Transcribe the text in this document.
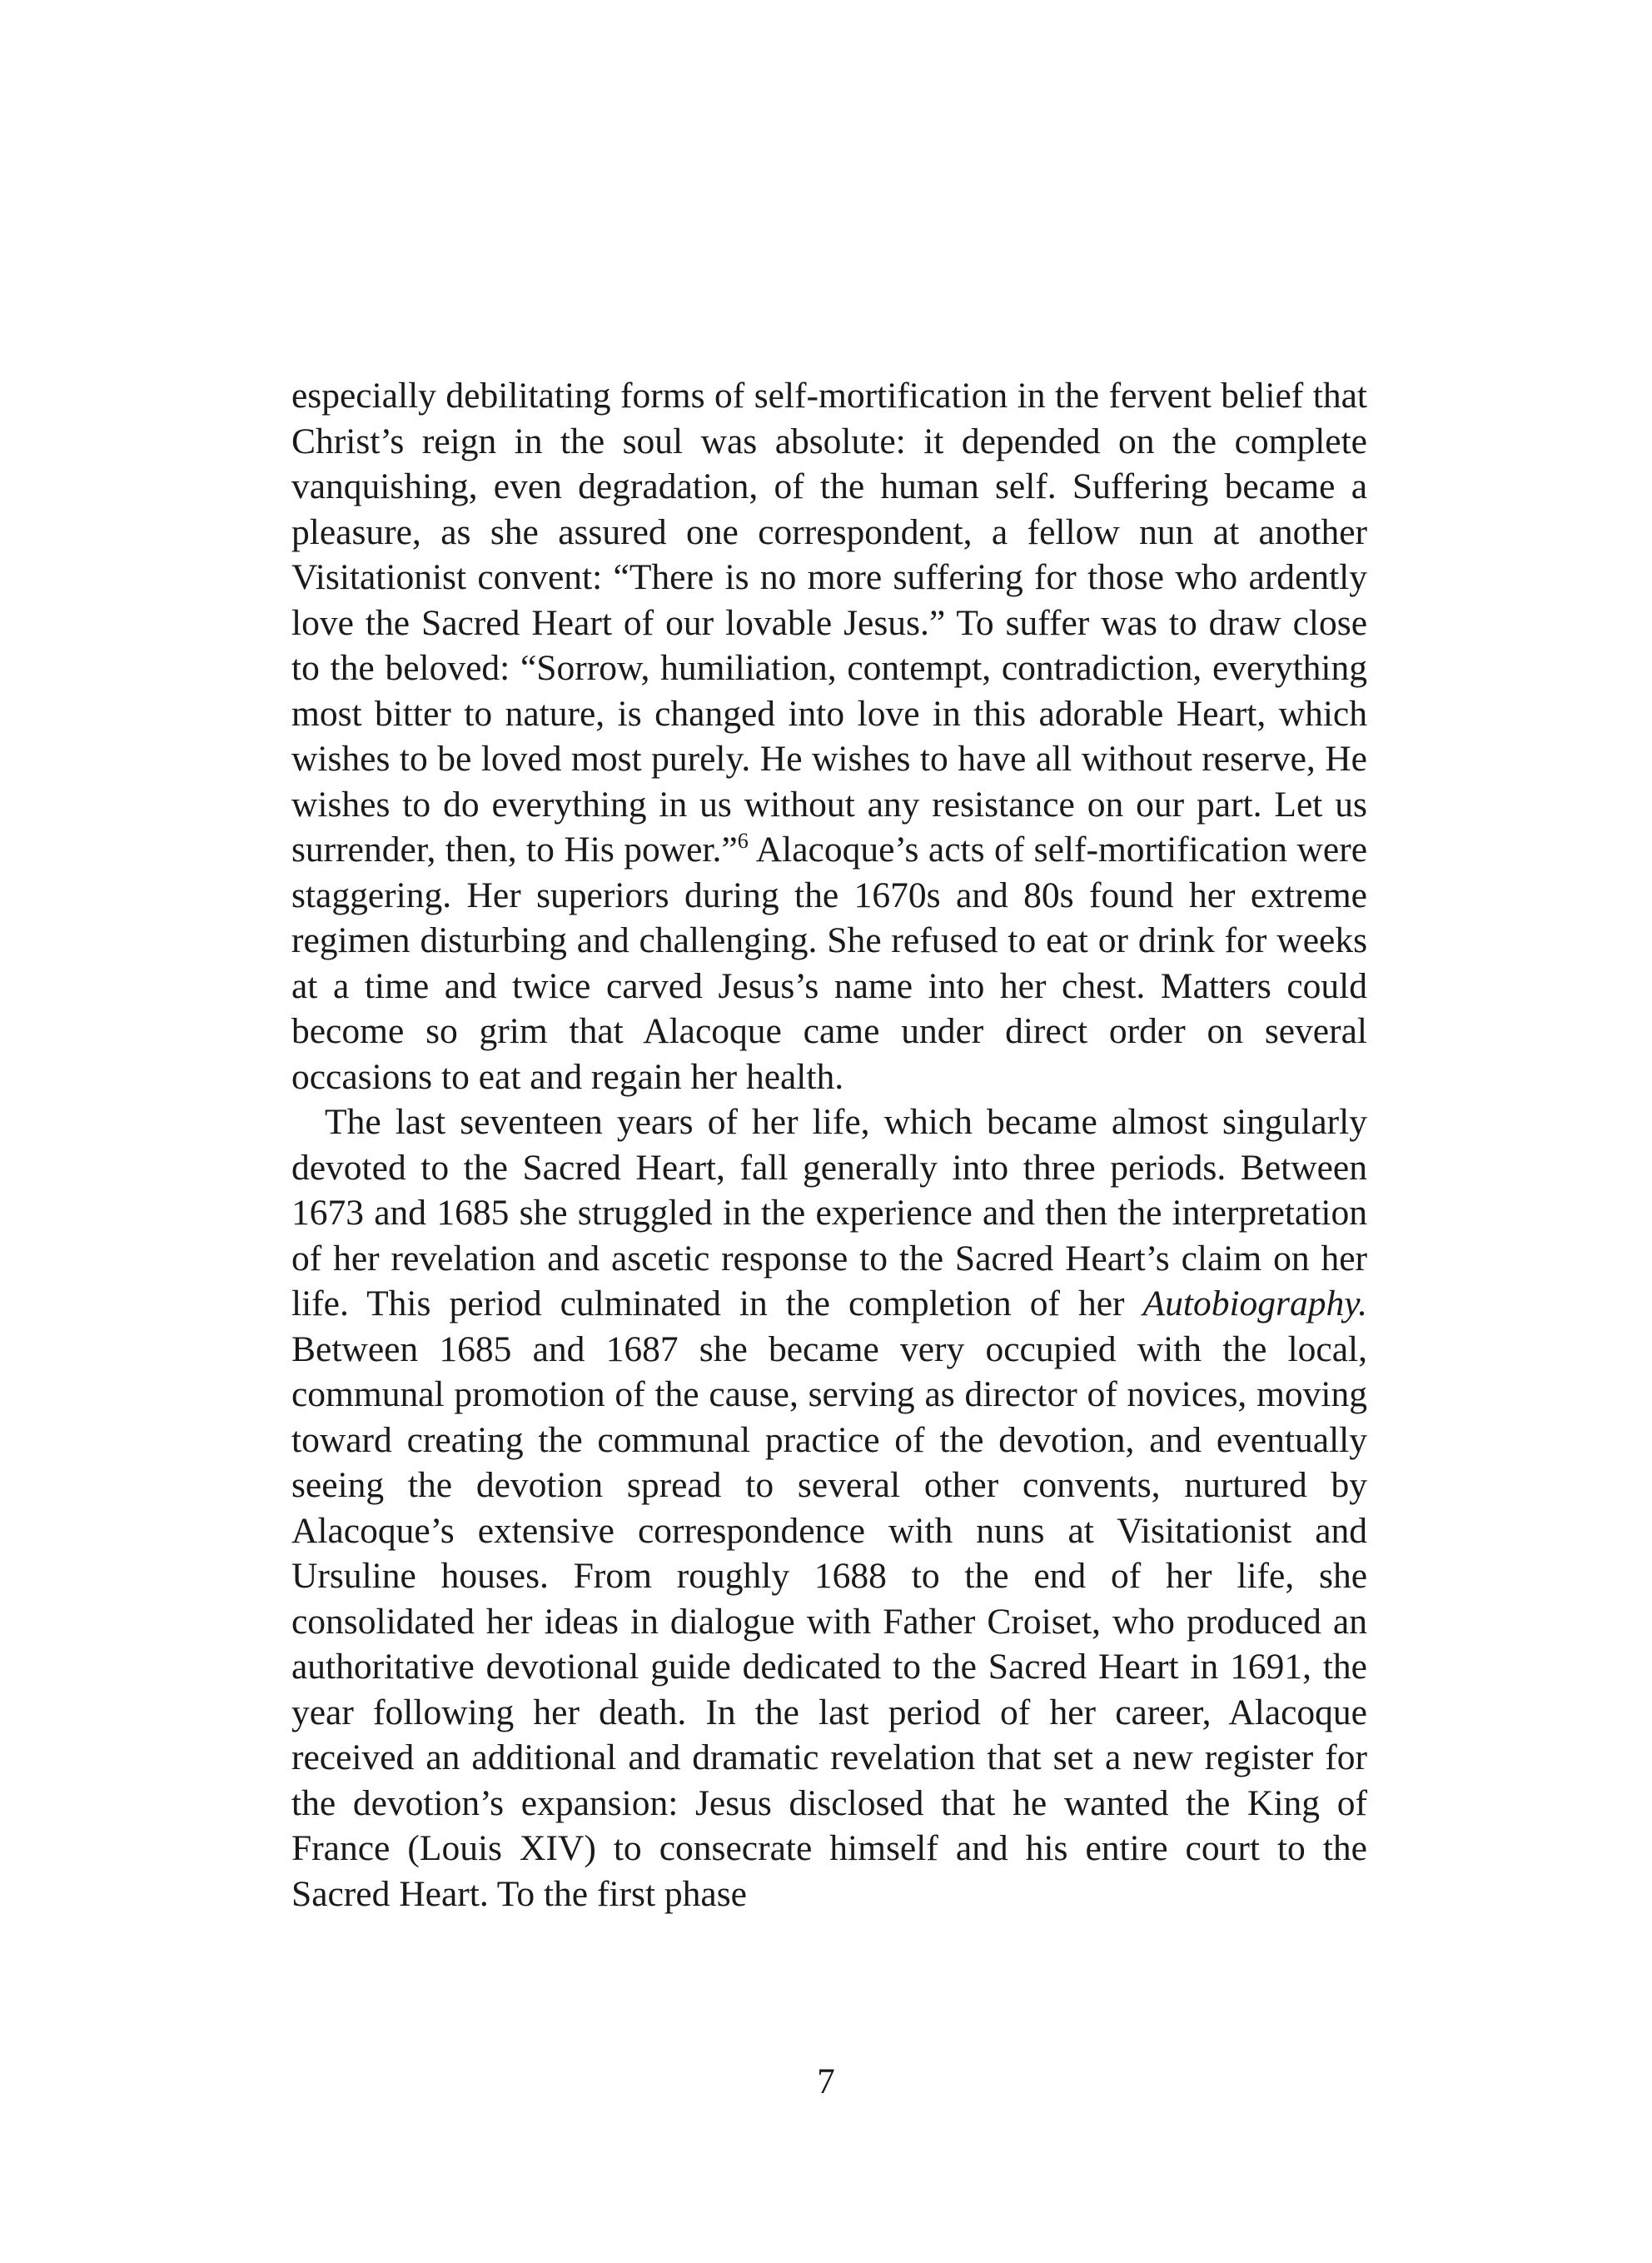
especially debilitating forms of self-mortification in the fervent belief that Christ’s reign in the soul was absolute: it depended on the complete vanquishing, even degradation, of the human self. Suffering became a pleasure, as she assured one correspondent, a fellow nun at another Visitationist convent: “There is no more suffering for those who ardently love the Sacred Heart of our lovable Jesus.” To suffer was to draw close to the beloved: “Sorrow, humiliation, contempt, contradiction, everything most bitter to nature, is changed into love in this adorable Heart, which wishes to be loved most purely. He wishes to have all without reserve, He wishes to do everything in us without any resistance on our part. Let us surrender, then, to His power.”$^6$ Alacoque’s acts of self-mortification were staggering. Her superiors during the 1670s and 80s found her extreme regimen disturbing and challenging. She refused to eat or drink for weeks at a time and twice carved Jesus’s name into her chest. Matters could become so grim that Alacoque came under direct order on several occasions to eat and regain her health.

The last seventeen years of her life, which became almost singularly devoted to the Sacred Heart, fall generally into three periods. Between 1673 and 1685 she struggled in the experience and then the interpretation of her revelation and ascetic response to the Sacred Heart’s claim on her life. This period culminated in the completion of her Autobiography. Between 1685 and 1687 she became very occupied with the local, communal promotion of the cause, serving as director of novices, moving toward creating the communal practice of the devotion, and eventually seeing the devotion spread to several other convents, nurtured by Alacoque’s extensive correspondence with nuns at Visitationist and Ursuline houses. From roughly 1688 to the end of her life, she consolidated her ideas in dialogue with Father Croiset, who produced an authoritative devotional guide dedicated to the Sacred Heart in 1691, the year following her death. In the last period of her career, Alacoque received an additional and dramatic revelation that set a new register for the devotion’s expansion: Jesus disclosed that he wanted the King of France (Louis XIV) to consecrate himself and his entire court to the Sacred Heart. To the first phase

7
